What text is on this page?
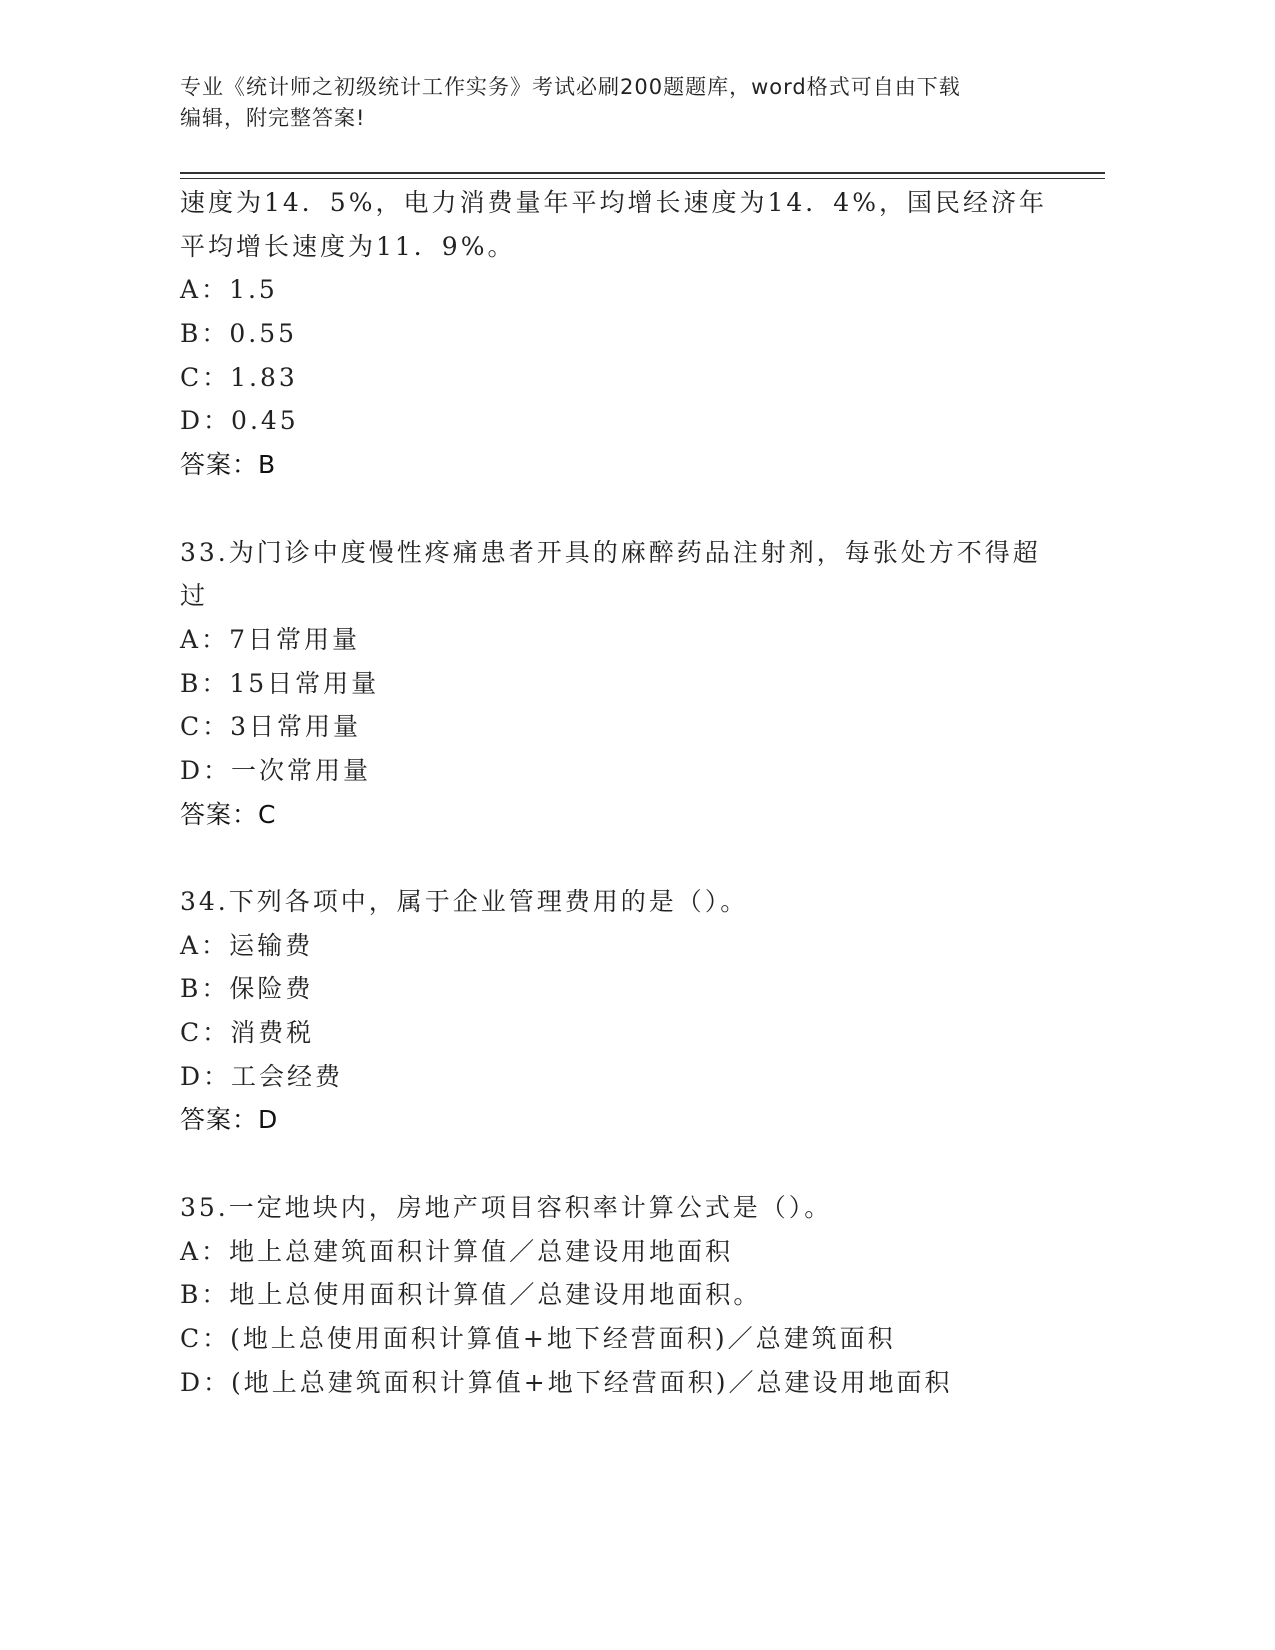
专业《统计师之初级统计工作实务》考试必刷200题题库，word格式可自由下载
编辑，附完整答案!
速度为14．5%，电力消费量年平均增长速度为14．4%，国民经济年
平均增长速度为11．9%。
A：1.5
B：0.55
C：1.83
D：0.45
答案：B
33.为门诊中度慢性疼痛患者开具的麻醉药品注射剂，每张处方不得超
过
A：7日常用量
B：15日常用量
C：3日常用量
D：一次常用量
答案：C
34.下列各项中，属于企业管理费用的是（）。
A：运输费
B：保险费
C：消费税
D：工会经费
答案：D
35.一定地块内，房地产项目容积率计算公式是（）。
A：地上总建筑面积计算值／总建设用地面积
B：地上总使用面积计算值／总建设用地面积。
C：(地上总使用面积计算值+地下经营面积)／总建筑面积
D：(地上总建筑面积计算值+地下经营面积)／总建设用地面积
